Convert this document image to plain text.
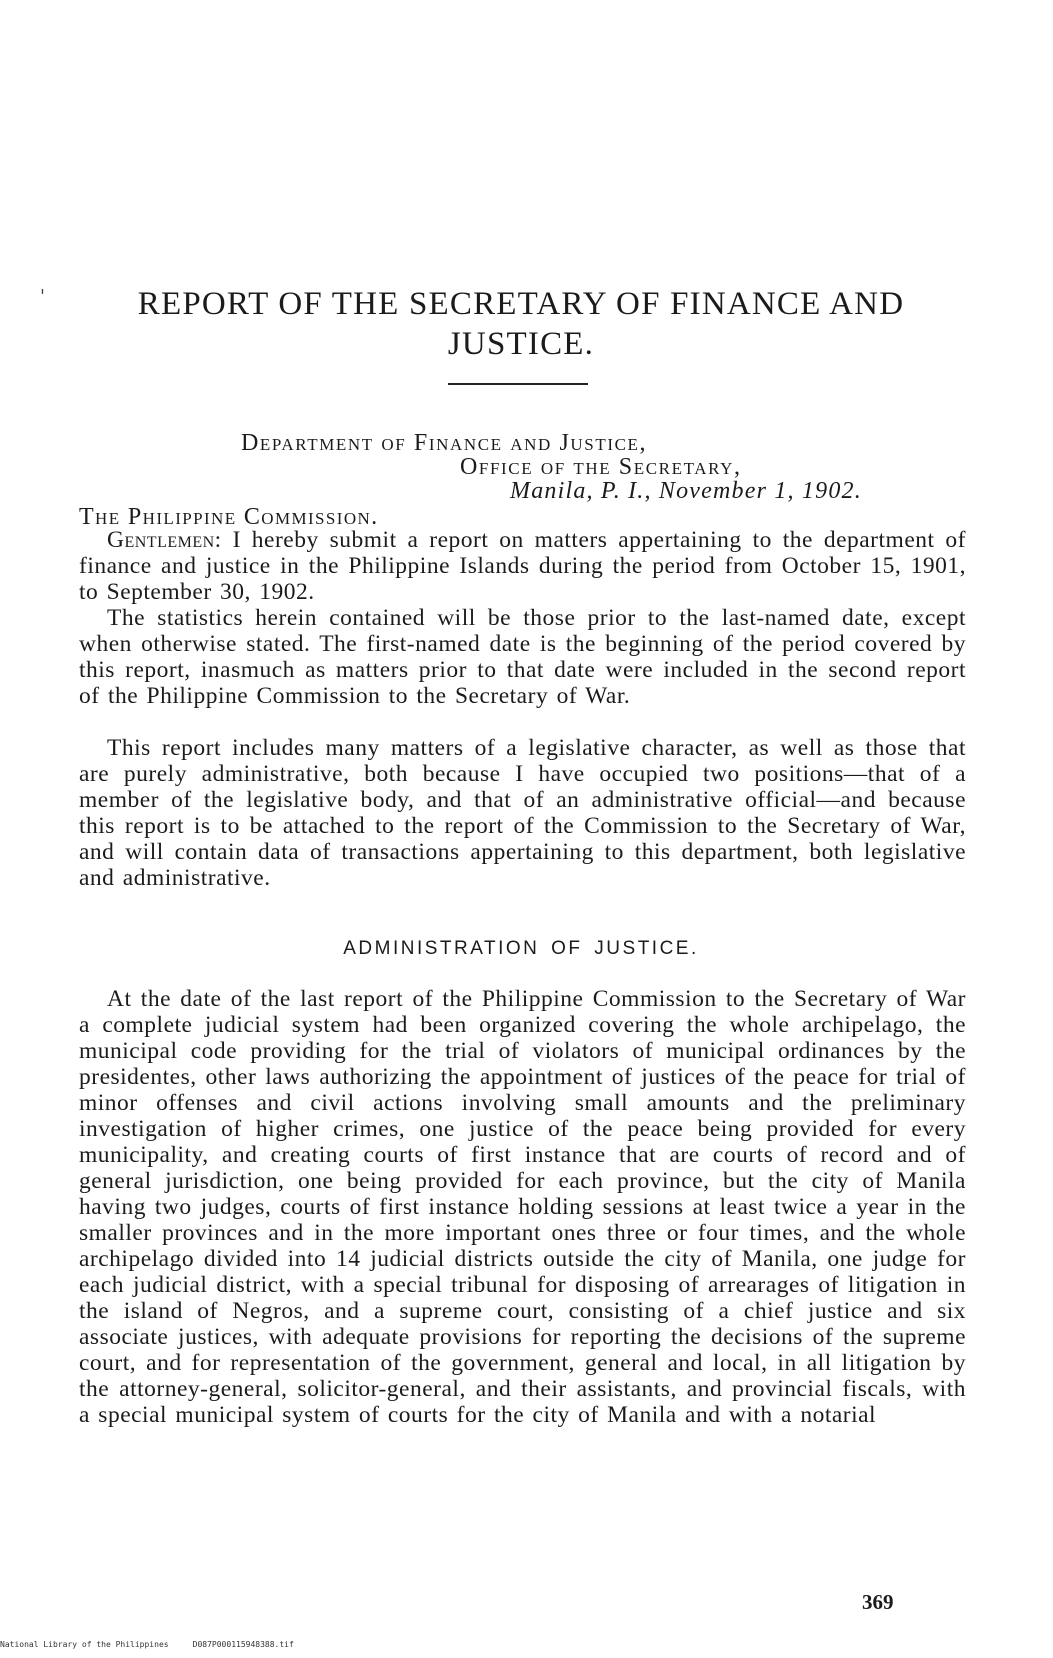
'	REPORT OF THE SECRETARY OF FINANCE AND JUSTICE.
Department of Finance and Justice,
Office of the Secretary,
Manila, P. I., November 1, 1902.
The Philippine Commission.

Gentlemen: I hereby submit a report on matters appertaining to the department of finance and justice in the Philippine Islands during the period from October 15, 1901, to September 30, 1902.

The statistics herein contained will be those prior to the last-named date, except when otherwise stated. The first-named date is the beginning of the period covered by this report, inasmuch as matters prior to that date were included in the second report of the Philippine Commission to the Secretary of War.

This report includes many matters of a legislative character, as well as those that are purely administrative, both because I have occupied two positions—that of a member of the legislative body, and that of an administrative official—and because this report is to be attached to the report of the Commission to the Secretary of War, and will contain data of transactions appertaining to this department, both legislative and administrative.

ADMINISTRATION OF JUSTICE.

At the date of the last report of the Philippine Commission to the Secretary of War a complete judicial system had been organized covering the whole archipelago, the municipal code providing for the trial of violators of municipal ordinances by the presidentes, other laws authorizing the appointment of justices of the peace for trial of minor offenses and civil actions involving small amounts and the preliminary investigation of higher crimes, one justice of the peace being provided for every municipality, and creating courts of first instance that are courts of record and of general jurisdiction, one being provided for each province, but the city of Manila having two judges, courts of first instance holding sessions at least twice a year in the smaller provinces and in the more important ones three or four times, and the whole archipelago divided into 14 judicial districts outside the city of Manila, one judge for each judicial district, with a special tribunal for disposing of arrearages of litigation in the island of Negros, and a supreme court, consisting of a chief justice and six associate justices, with adequate provisions for reporting the decisions of the supreme court, and for representation of the government, general and local, in all litigation by the attorney-general, solicitor-general, and their assistants, and provincial fiscals, with a special municipal system of courts for the city of Manila and with a notarial

369
National Library of the Philippines     D087P000115948388.tif
